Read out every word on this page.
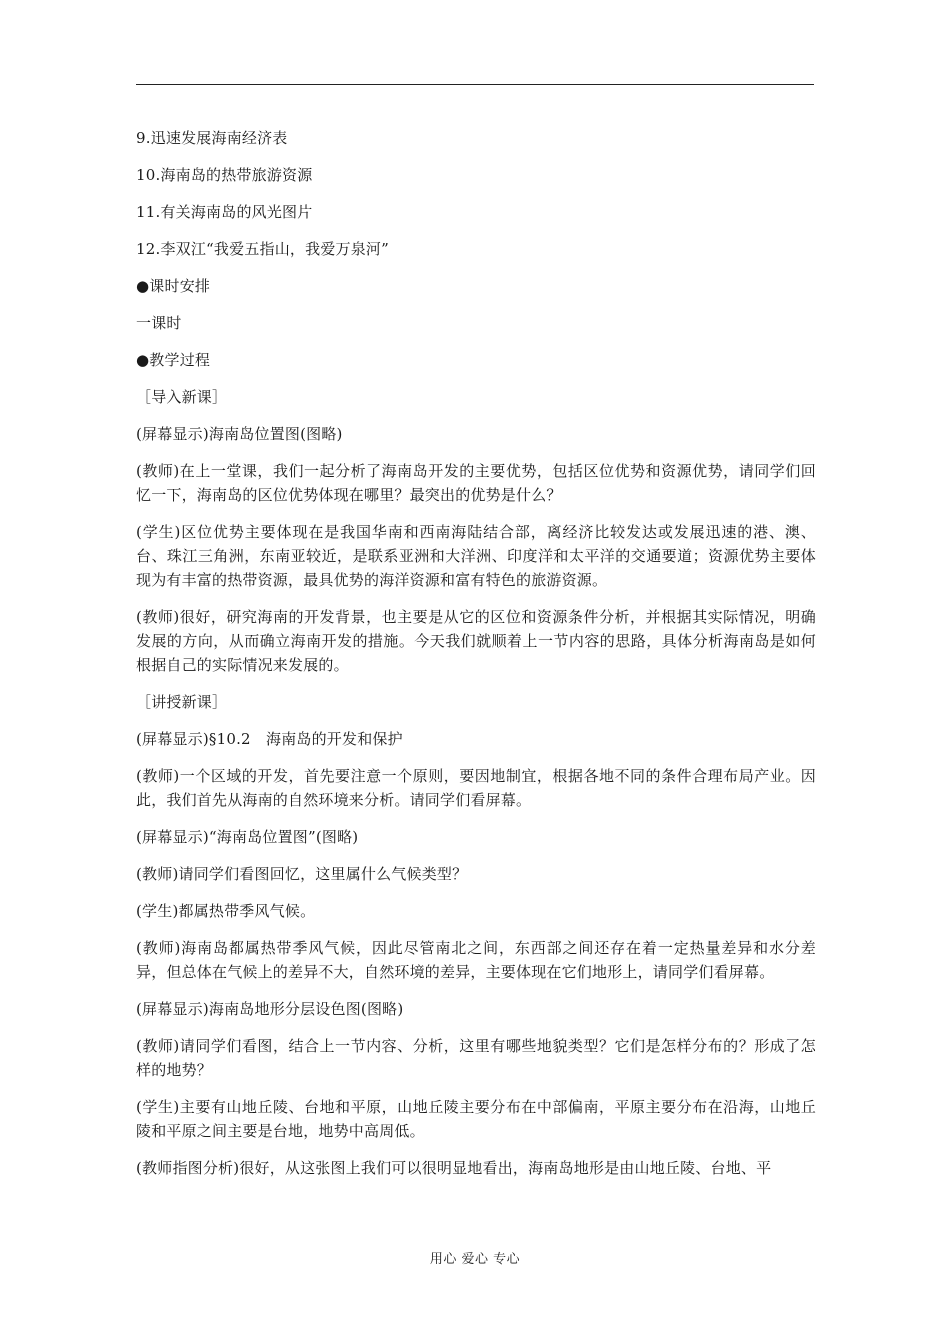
9.迅速发展海南经济表

10.海南岛的热带旅游资源

11.有关海南岛的风光图片

12.李双江“我爱五指山，我爱万泉河”

●课时安排

一课时

●教学过程

［导入新课］

(屏幕显示)海南岛位置图(图略)

(教师)在上一堂课，我们一起分析了海南岛开发的主要优势，包括区位优势和资源优势，请同学们回忆一下，海南岛的区位优势体现在哪里？最突出的优势是什么？

(学生)区位优势主要体现在是我国华南和西南海陆结合部，离经济比较发达或发展迅速的港、澳、台、珠江三角洲，东南亚较近，是联系亚洲和大洋洲、印度洋和太平洋的交通要道；资源优势主要体现为有丰富的热带资源，最具优势的海洋资源和富有特色的旅游资源。

(教师)很好，研究海南的开发背景，也主要是从它的区位和资源条件分析，并根据其实际情况，明确发展的方向，从而确立海南开发的措施。今天我们就顺着上一节内容的思路，具体分析海南岛是如何根据自己的实际情况来发展的。

［讲授新课］

(屏幕显示)§10.2　海南岛的开发和保护

(教师)一个区域的开发，首先要注意一个原则，要因地制宜，根据各地不同的条件合理布局产业。因此，我们首先从海南的自然环境来分析。请同学们看屏幕。

(屏幕显示)“海南岛位置图”(图略)

(教师)请同学们看图回忆，这里属什么气候类型？

(学生)都属热带季风气候。

(教师)海南岛都属热带季风气候，因此尽管南北之间，东西部之间还存在着一定热量差异和水分差异，但总体在气候上的差异不大，自然环境的差异，主要体现在它们地形上，请同学们看屏幕。

(屏幕显示)海南岛地形分层设色图(图略)

(教师)请同学们看图，结合上一节内容、分析，这里有哪些地貌类型？它们是怎样分布的？形成了怎样的地势？

(学生)主要有山地丘陵、台地和平原，山地丘陵主要分布在中部偏南，平原主要分布在沿海，山地丘陵和平原之间主要是台地，地势中高周低。

(教师指图分析)很好，从这张图上我们可以很明显地看出，海南岛地形是由山地丘陵、台地、平

用心 爱心 专心
